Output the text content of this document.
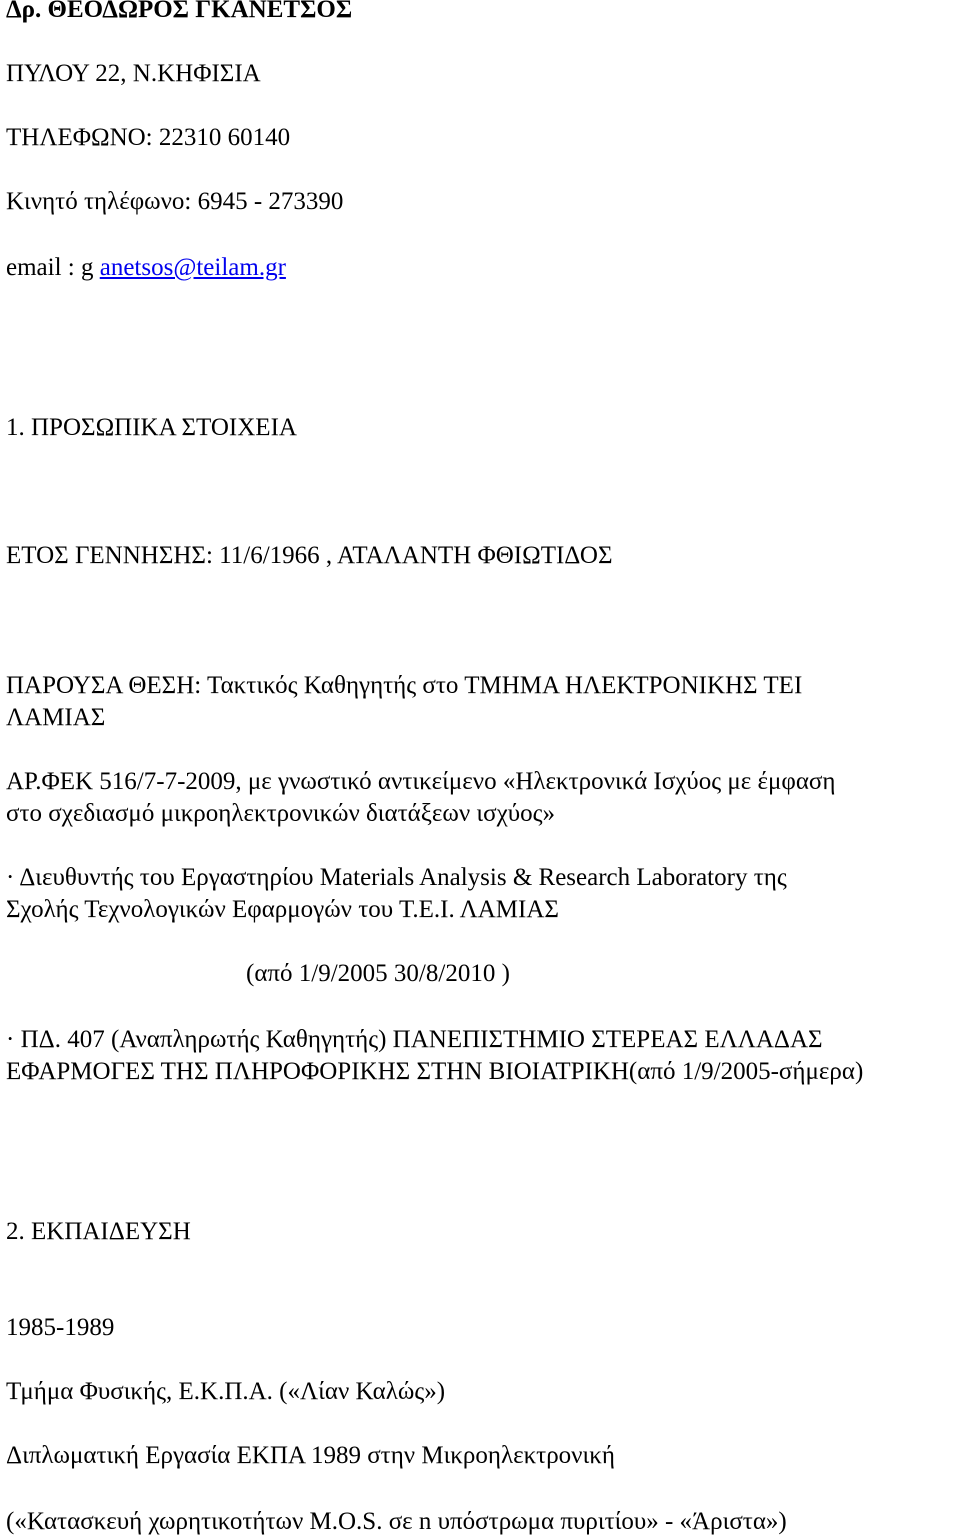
Δρ. ΘΕΟΔΩΡΟΣ ΓΚΑΝΕΤΣΟΣ
ΠΥΛΟΥ 22, Ν.ΚΗΦΙΣΙΑ
ΤΗΛΕΦΩΝΟ: 22310 60140
Κινητό τηλέφωνο: 6945 - 273390
email : g anetsos@teilam.gr
1. ΠΡΟΣΩΠΙΚΑ ΣΤΟΙΧΕΙΑ
ΕΤΟΣ ΓΕΝΝΗΣΗΣ: 11/6/1966 , ΑΤΑΛΑΝΤΗ ΦΘΙΩΤΙΔΟΣ
ΠΑΡΟΥΣΑ ΘΕΣΗ: Τακτικός Καθηγητής στο ΤΜΗΜΑ ΗΛΕΚΤΡΟΝΙΚΗΣ ΤΕΙ
ΛΑΜΙΑΣ
ΑΡ.ΦΕΚ 516/7-7-2009, με γνωστικό αντικείμενο «Ηλεκτρονικά Ισχύος με έμφαση
στο σχεδιασμό μικροηλεκτρονικών διατάξεων ισχύος»
· Διευθυντής του Εργαστηρίου Materials Analysis & Research Laboratory της
Σχολής Τεχνολογικών Εφαρμογών του Τ.Ε.Ι. ΛΑΜΙΑΣ
(από 1/9/2005 30/8/2010 )
· ΠΔ. 407 (Αναπληρωτής Καθηγητής) ΠΑΝΕΠΙΣΤΗΜΙΟ ΣΤΕΡΕΑΣ ΕΛΛΑΔΑΣ
ΕΦΑΡΜΟΓΕΣ ΤΗΣ ΠΛΗΡΟΦΟΡΙΚΗΣ ΣΤΗΝ ΒΙΟΙΑΤΡΙΚΗ(από 1/9/2005-σήμερα)
2. ΕΚΠΑΙΔΕΥΣΗ
1985-1989
Τμήμα Φυσικής, Ε.Κ.Π.Α. («Λίαν Καλώς»)
Διπλωματική Εργασία ΕΚΠΑ 1989 στην Μικροηλεκτρονική
(«Κατασκευή χωρητικοτήτων M.O.S. σε n υπόστρωμα πυριτίου» - «Άριστα»)
